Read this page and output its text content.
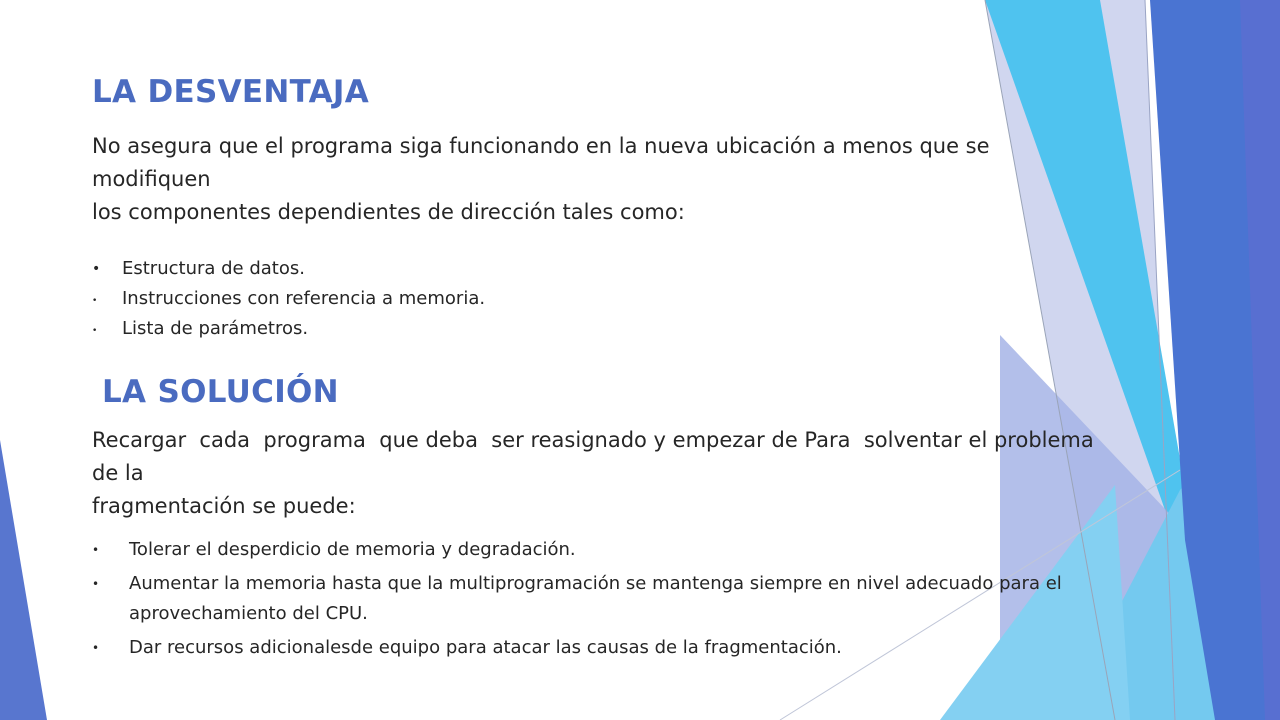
LA DESVENTAJA

No asegura que el programa siga funcionando en la nueva ubicación a menos que se modifiquen
los componentes dependientes de dirección tales como:

• Estructura de datos.
• Instrucciones con referencia a memoria.
• Lista de parámetros.
LA SOLUCIÓN

Recargar  cada  programa  que deba  ser reasignado y empezar de Para  solventar el problema  de la
fragmentación se puede:

• Tolerar el desperdicio de memoria y degradación.
• Aumentar la memoria hasta que la multiprogramación se mantenga siempre en nivel adecuado para el  aprovechamiento del CPU.
• Dar recursos adicionalesde equipo para atacar las causas de la fragmentación.
